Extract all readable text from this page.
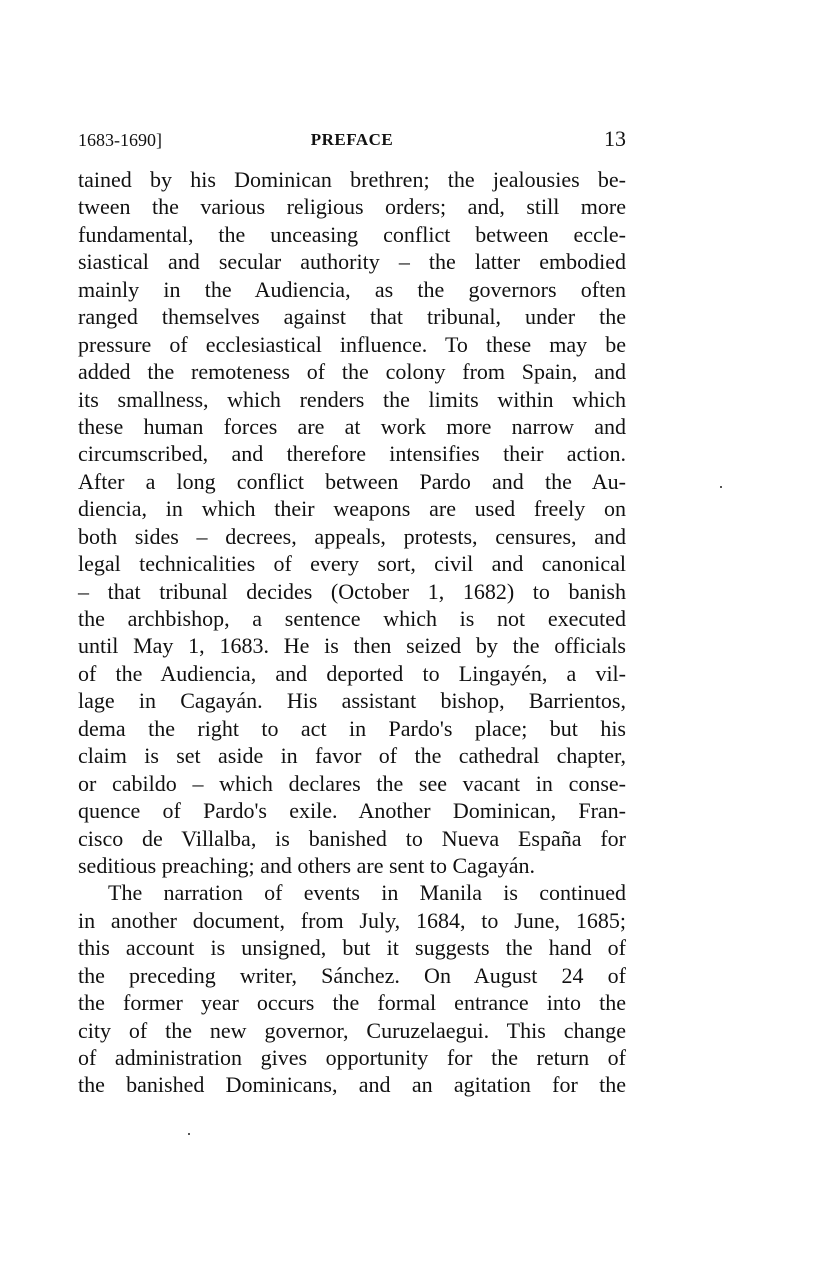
1683-1690]	PREFACE	13
tained by his Dominican brethren; the jealousies be-
tween the various religious orders; and, still more
fundamental, the unceasing conflict between eccle-
siastical and secular authority – the latter embodied
mainly in the Audiencia, as the governors often
ranged themselves against that tribunal, under the
pressure of ecclesiastical influence. To these may be
added the remoteness of the colony from Spain, and
its smallness, which renders the limits within which
these human forces are at work more narrow and
circumscribed, and therefore intensifies their action.
After a long conflict between Pardo and the Au-
diencia, in which their weapons are used freely on
both sides – decrees, appeals, protests, censures, and
legal technicalities of every sort, civil and canonical
– that tribunal decides (October 1, 1682) to banish
the archbishop, a sentence which is not executed
until May 1, 1683. He is then seized by the officials
of the Audiencia, and deported to Lingayén, a vil-
lage in Cagayán. His assistant bishop, Barrientos,
dema the right to act in Pardo's place; but his
claim is set aside in favor of the cathedral chapter,
or cabildo – which declares the see vacant in conse-
quence of Pardo's exile. Another Dominican, Fran-
cisco de Villalba, is banished to Nueva España for
seditious preaching; and others are sent to Cagayán.
The narration of events in Manila is continued
in another document, from July, 1684, to June, 1685;
this account is unsigned, but it suggests the hand of
the preceding writer, Sánchez. On August 24 of
the former year occurs the formal entrance into the
city of the new governor, Curuzelaegui. This change
of administration gives opportunity for the return of
the banished Dominicans, and an agitation for the
